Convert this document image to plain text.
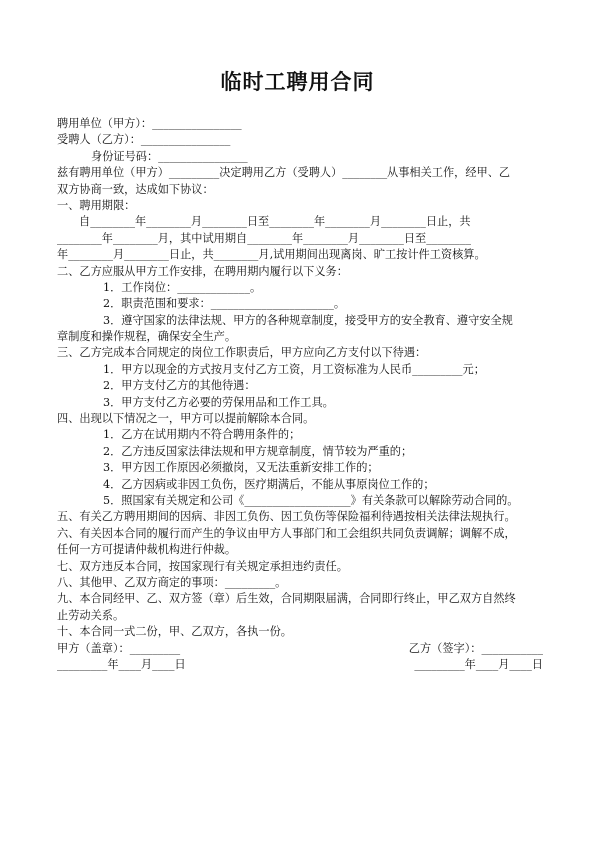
临时工聘用合同
聘用单位（甲方）：________________
受聘人（乙方）：________________
身份证号码：________________
兹有聘用单位（甲方）_________决定聘用乙方（受聘人）________从事相关工作，经甲、乙
双方协商一致，达成如下协议：
一、聘用期限：
自________年________月________日至________年________月________日止，共
________年________月，其中试用期自________年________月________日至________
年________月________日止，共________月,试用期间出现离岗、旷工按计件工资核算。
二、乙方应服从甲方工作安排，在聘用期内履行以下义务：
1．工作岗位：_____________。
2．职责范围和要求：______________________。
3．遵守国家的法律法规、甲方的各种规章制度，接受甲方的安全教育、遵守安全规
章制度和操作规程，确保安全生产。
三、乙方完成本合同规定的岗位工作职责后，甲方应向乙方支付以下待遇：
1．甲方以现金的方式按月支付乙方工资，月工资标准为人民币_________元；
2．甲方支付乙方的其他待遇：
3．甲方支付乙方必要的劳保用品和工作工具。
四、出现以下情况之一，甲方可以提前解除本合同。
1．乙方在试用期内不符合聘用条件的；
2．乙方违反国家法律法规和甲方规章制度，情节较为严重的；
3．甲方因工作原因必须撤岗，又无法重新安排工作的；
4．乙方因病或非因工负伤，医疗期满后，不能从事原岗位工作的；
5．照国家有关规定和公司《___________________》有关条款可以解除劳动合同的。
五、有关乙方聘用期间的因病、非因工负伤、因工负伤等保险福利待遇按相关法律法规执行。
六、有关因本合同的履行而产生的争议由甲方人事部门和工会组织共同负责调解；调解不成，
任何一方可提请仲裁机构进行仲裁。
七、双方违反本合同，按国家现行有关规定承担违约责任。
八、其他甲、乙双方商定的事项：_________。
九、本合同经甲、乙、双方签（章）后生效，合同期限届满，合同即行终止，甲乙双方自然终
止劳动关系。
十、本合同一式二份，甲、乙双方，各执一份。
甲方（盖章）：_________	乙方（签字）：___________
_________年____月____日	_________年____月____日
